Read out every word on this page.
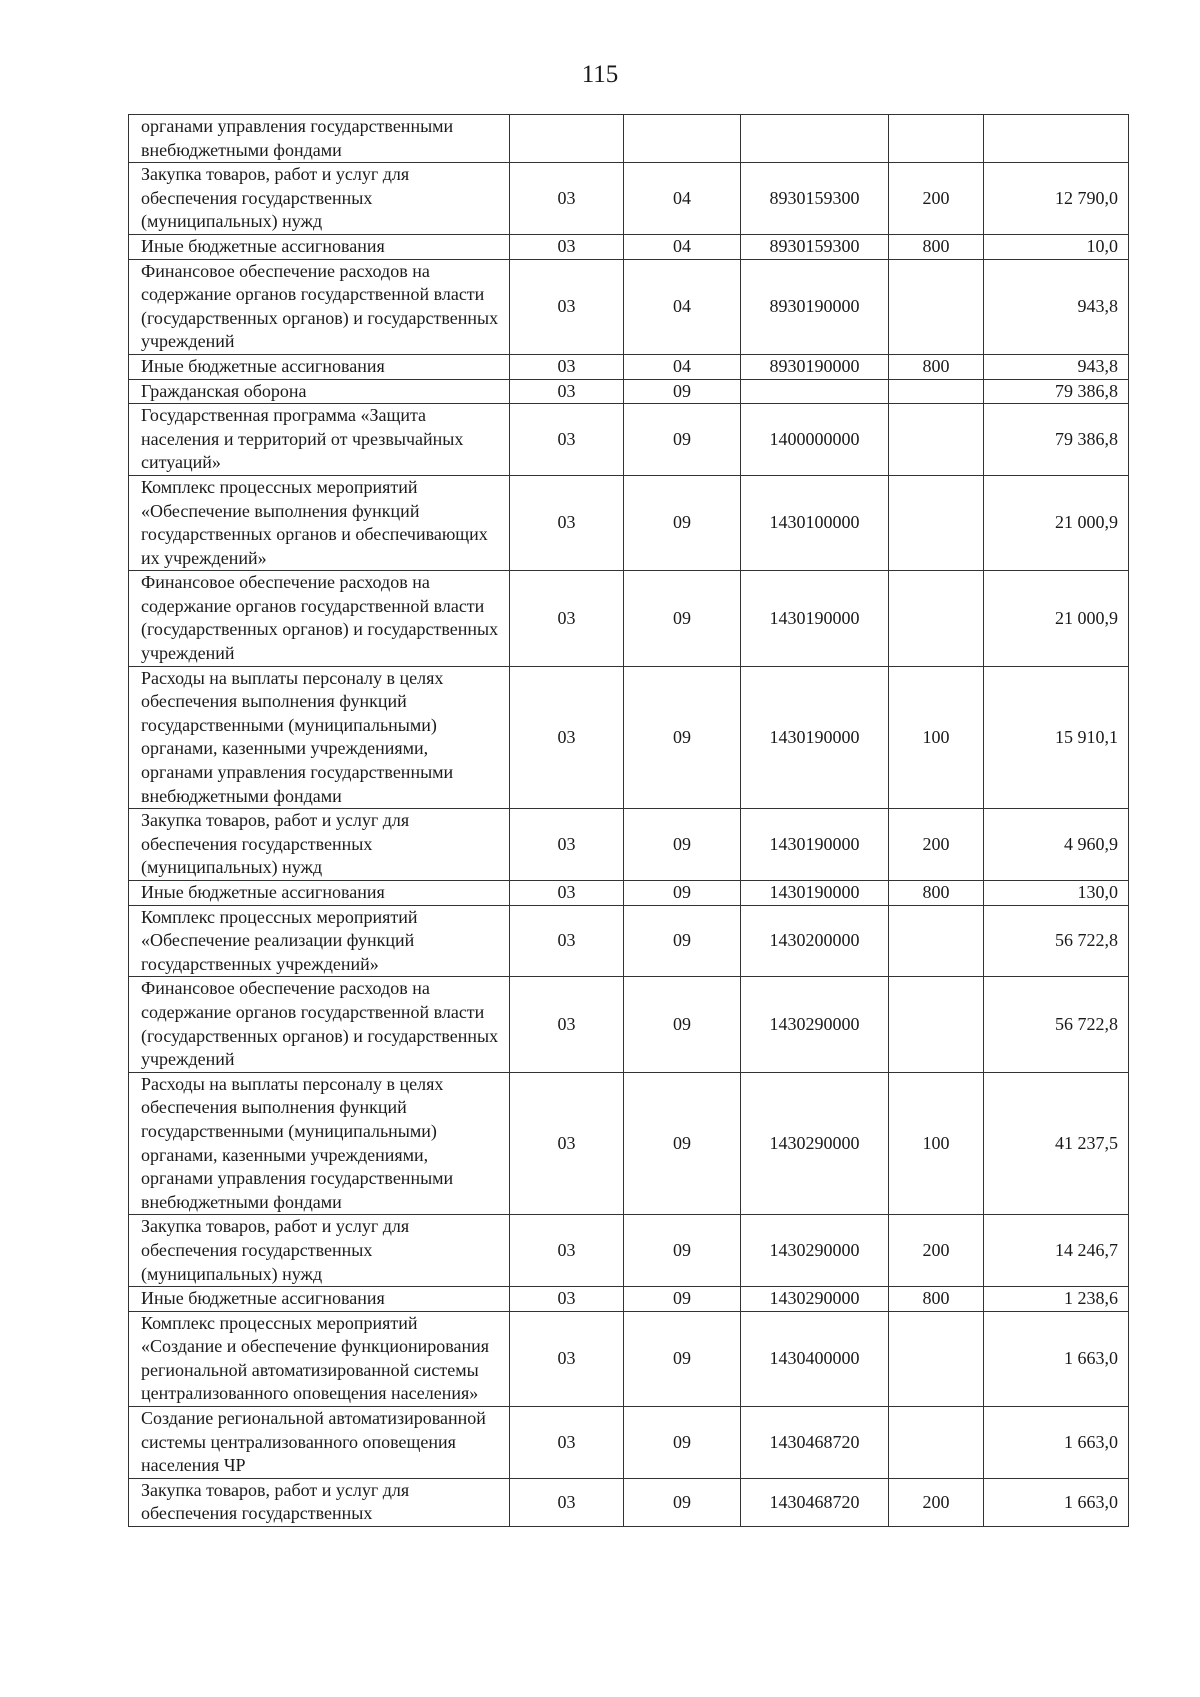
115
органами управления государственными внебюджетными фондами					
Закупка товаров, работ и услуг для обеспечения государственных (муниципальных) нужд	03	04	8930159300	200	12 790,0
Иные бюджетные ассигнования	03	04	8930159300	800	10,0
Финансовое обеспечение расходов на содержание органов государственной власти (государственных органов) и государственных учреждений	03	04	8930190000		943,8
Иные бюджетные ассигнования	03	04	8930190000	800	943,8
Гражданская оборона	03	09			79 386,8
Государственная программа «Защита населения и территорий от чрезвычайных ситуаций»	03	09	1400000000		79 386,8
Комплекс процессных мероприятий «Обеспечение выполнения функций государственных органов и обеспечивающих их учреждений»	03	09	1430100000		21 000,9
Финансовое обеспечение расходов на содержание органов государственной власти (государственных органов) и государственных учреждений	03	09	1430190000		21 000,9
Расходы на выплаты персоналу в целях обеспечения выполнения функций государственными (муниципальными) органами, казенными учреждениями, органами управления государственными внебюджетными фондами	03	09	1430190000	100	15 910,1
Закупка товаров, работ и услуг для обеспечения государственных (муниципальных) нужд	03	09	1430190000	200	4 960,9
Иные бюджетные ассигнования	03	09	1430190000	800	130,0
Комплекс процессных мероприятий «Обеспечение реализации функций государственных учреждений»	03	09	1430200000		56 722,8
Финансовое обеспечение расходов на содержание органов государственной власти (государственных органов) и государственных учреждений	03	09	1430290000		56 722,8
Расходы на выплаты персоналу в целях обеспечения выполнения функций государственными (муниципальными) органами, казенными учреждениями, органами управления государственными внебюджетными фондами	03	09	1430290000	100	41 237,5
Закупка товаров, работ и услуг для обеспечения государственных (муниципальных) нужд	03	09	1430290000	200	14 246,7
Иные бюджетные ассигнования	03	09	1430290000	800	1 238,6
Комплекс процессных мероприятий «Создание и обеспечение функционирования региональной автоматизированной системы централизованного оповещения населения»	03	09	1430400000		1 663,0
Создание региональной автоматизированной системы централизованного оповещения населения ЧР	03	09	1430468720		1 663,0
Закупка товаров, работ и услуг для обеспечения государственных	03	09	1430468720	200	1 663,0
